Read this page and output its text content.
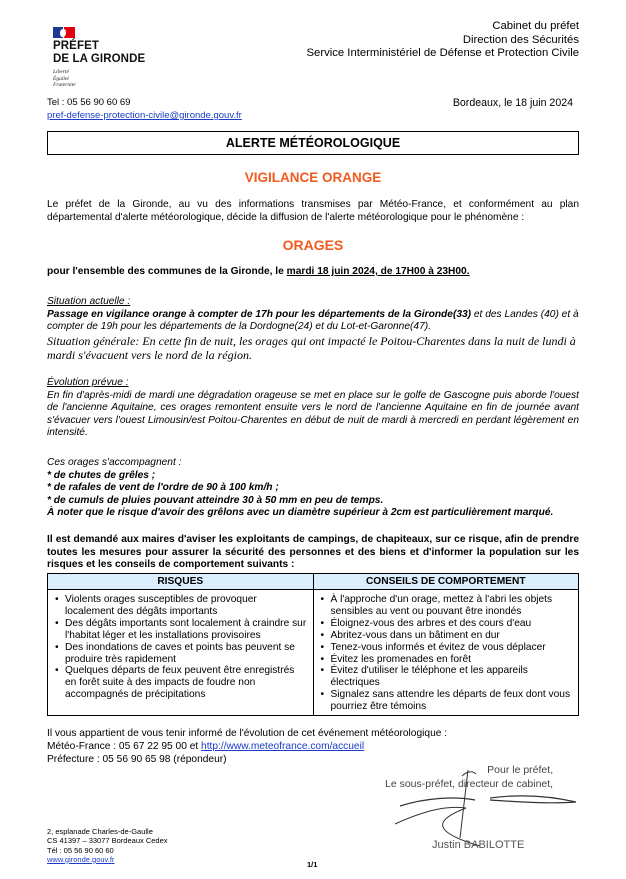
PRÉFET
DE LA GIRONDE
Liberté
Égalité
Fraternité
Cabinet du préfet
Direction des Sécurités
Service Interministériel de Défense et Protection Civile
Tel : 05 56 90 60 69
pref-defense-protection-civile@gironde.gouv.fr
Bordeaux, le 18 juin 2024
ALERTE MÉTÉOROLOGIQUE
VIGILANCE ORANGE
Le préfet de la Gironde, au vu des informations transmises par Météo-France, et conformément au plan départemental d'alerte météorologique, décide la diffusion de l'alerte météorologique pour le phénomène :
ORAGES
pour l'ensemble des communes de la Gironde, le mardi 18 juin 2024, de 17H00 à 23H00.
Situation actuelle :
Passage en vigilance orange à compter de 17h pour les départements de la Gironde(33) et des Landes (40) et à compter de 19h pour les départements de la Dordogne(24) et du Lot-et-Garonne(47).
Situation générale: En cette fin de nuit, les orages qui ont impacté le Poitou-Charentes dans la nuit de lundi à mardi s'évacuent vers le nord de la région.
Évolution prévue :
En fin d'après-midi de mardi une dégradation orageuse se met en place sur le golfe de Gascogne puis aborde l'ouest de l'ancienne Aquitaine, ces orages remontent ensuite vers le nord de l'ancienne Aquitaine en fin de journée avant s'évacuer vers l'ouest Limousin/est Poitou-Charentes en début de nuit de mardi à mercredi en perdant légèrement en intensité.
Ces orages s'accompagnent :
* de chutes de grêles ;
* de rafales de vent de l'ordre de 90 à 100 km/h ;
* de cumuls de pluies pouvant atteindre 30 à 50 mm en peu de temps.
À noter que le risque d'avoir des grêlons avec un diamètre supérieur à 2cm est particulièrement marqué.
Il est demandé aux maires d'aviser les exploitants de campings, de chapiteaux, sur ce risque, afin de prendre toutes les mesures pour assurer la sécurité des personnes et des biens et d'informer la population sur les risques et les conseils de comportement suivants :
RISQUES	CONSEILS DE COMPORTEMENT

• Violents orages susceptibles de provoquer localement des dégâts importants
• Des dégâts importants sont localement à craindre sur l'habitat léger et les installations provisoires
• Des inondations de caves et points bas peuvent se produire très rapidement
• Quelques départs de feux peuvent être enregistrés en forêt suite à des impacts de foudre non accompagnés de précipitations

• À l'approche d'un orage, mettez à l'abri les objets sensibles au vent ou pouvant être inondés
• Éloignez-vous des arbres et des cours d'eau
• Abritez-vous dans un bâtiment en dur
• Tenez-vous informés et évitez de vous déplacer
• Évitez les promenades en forêt
• Évitez d'utiliser le téléphone et les appareils électriques
• Signalez sans attendre les départs de feux dont vous pourriez être témoins
Il vous appartient de vous tenir informé de l'évolution de cet événement météorologique :
Météo-France : 05 67 22 95 00 et http://www.meteofrance.com/accueil
Préfecture : 05 56 90 65 98 (répondeur)
Pour le préfet,
Le sous-préfet, directeur de cabinet,
Justin BABILOTTE
2, esplanade Charles-de-Gaulle
CS 41397 – 33077 Bordeaux Cedex
Tél : 05 56 90 60 60
www.gironde.gouv.fr
1/1
